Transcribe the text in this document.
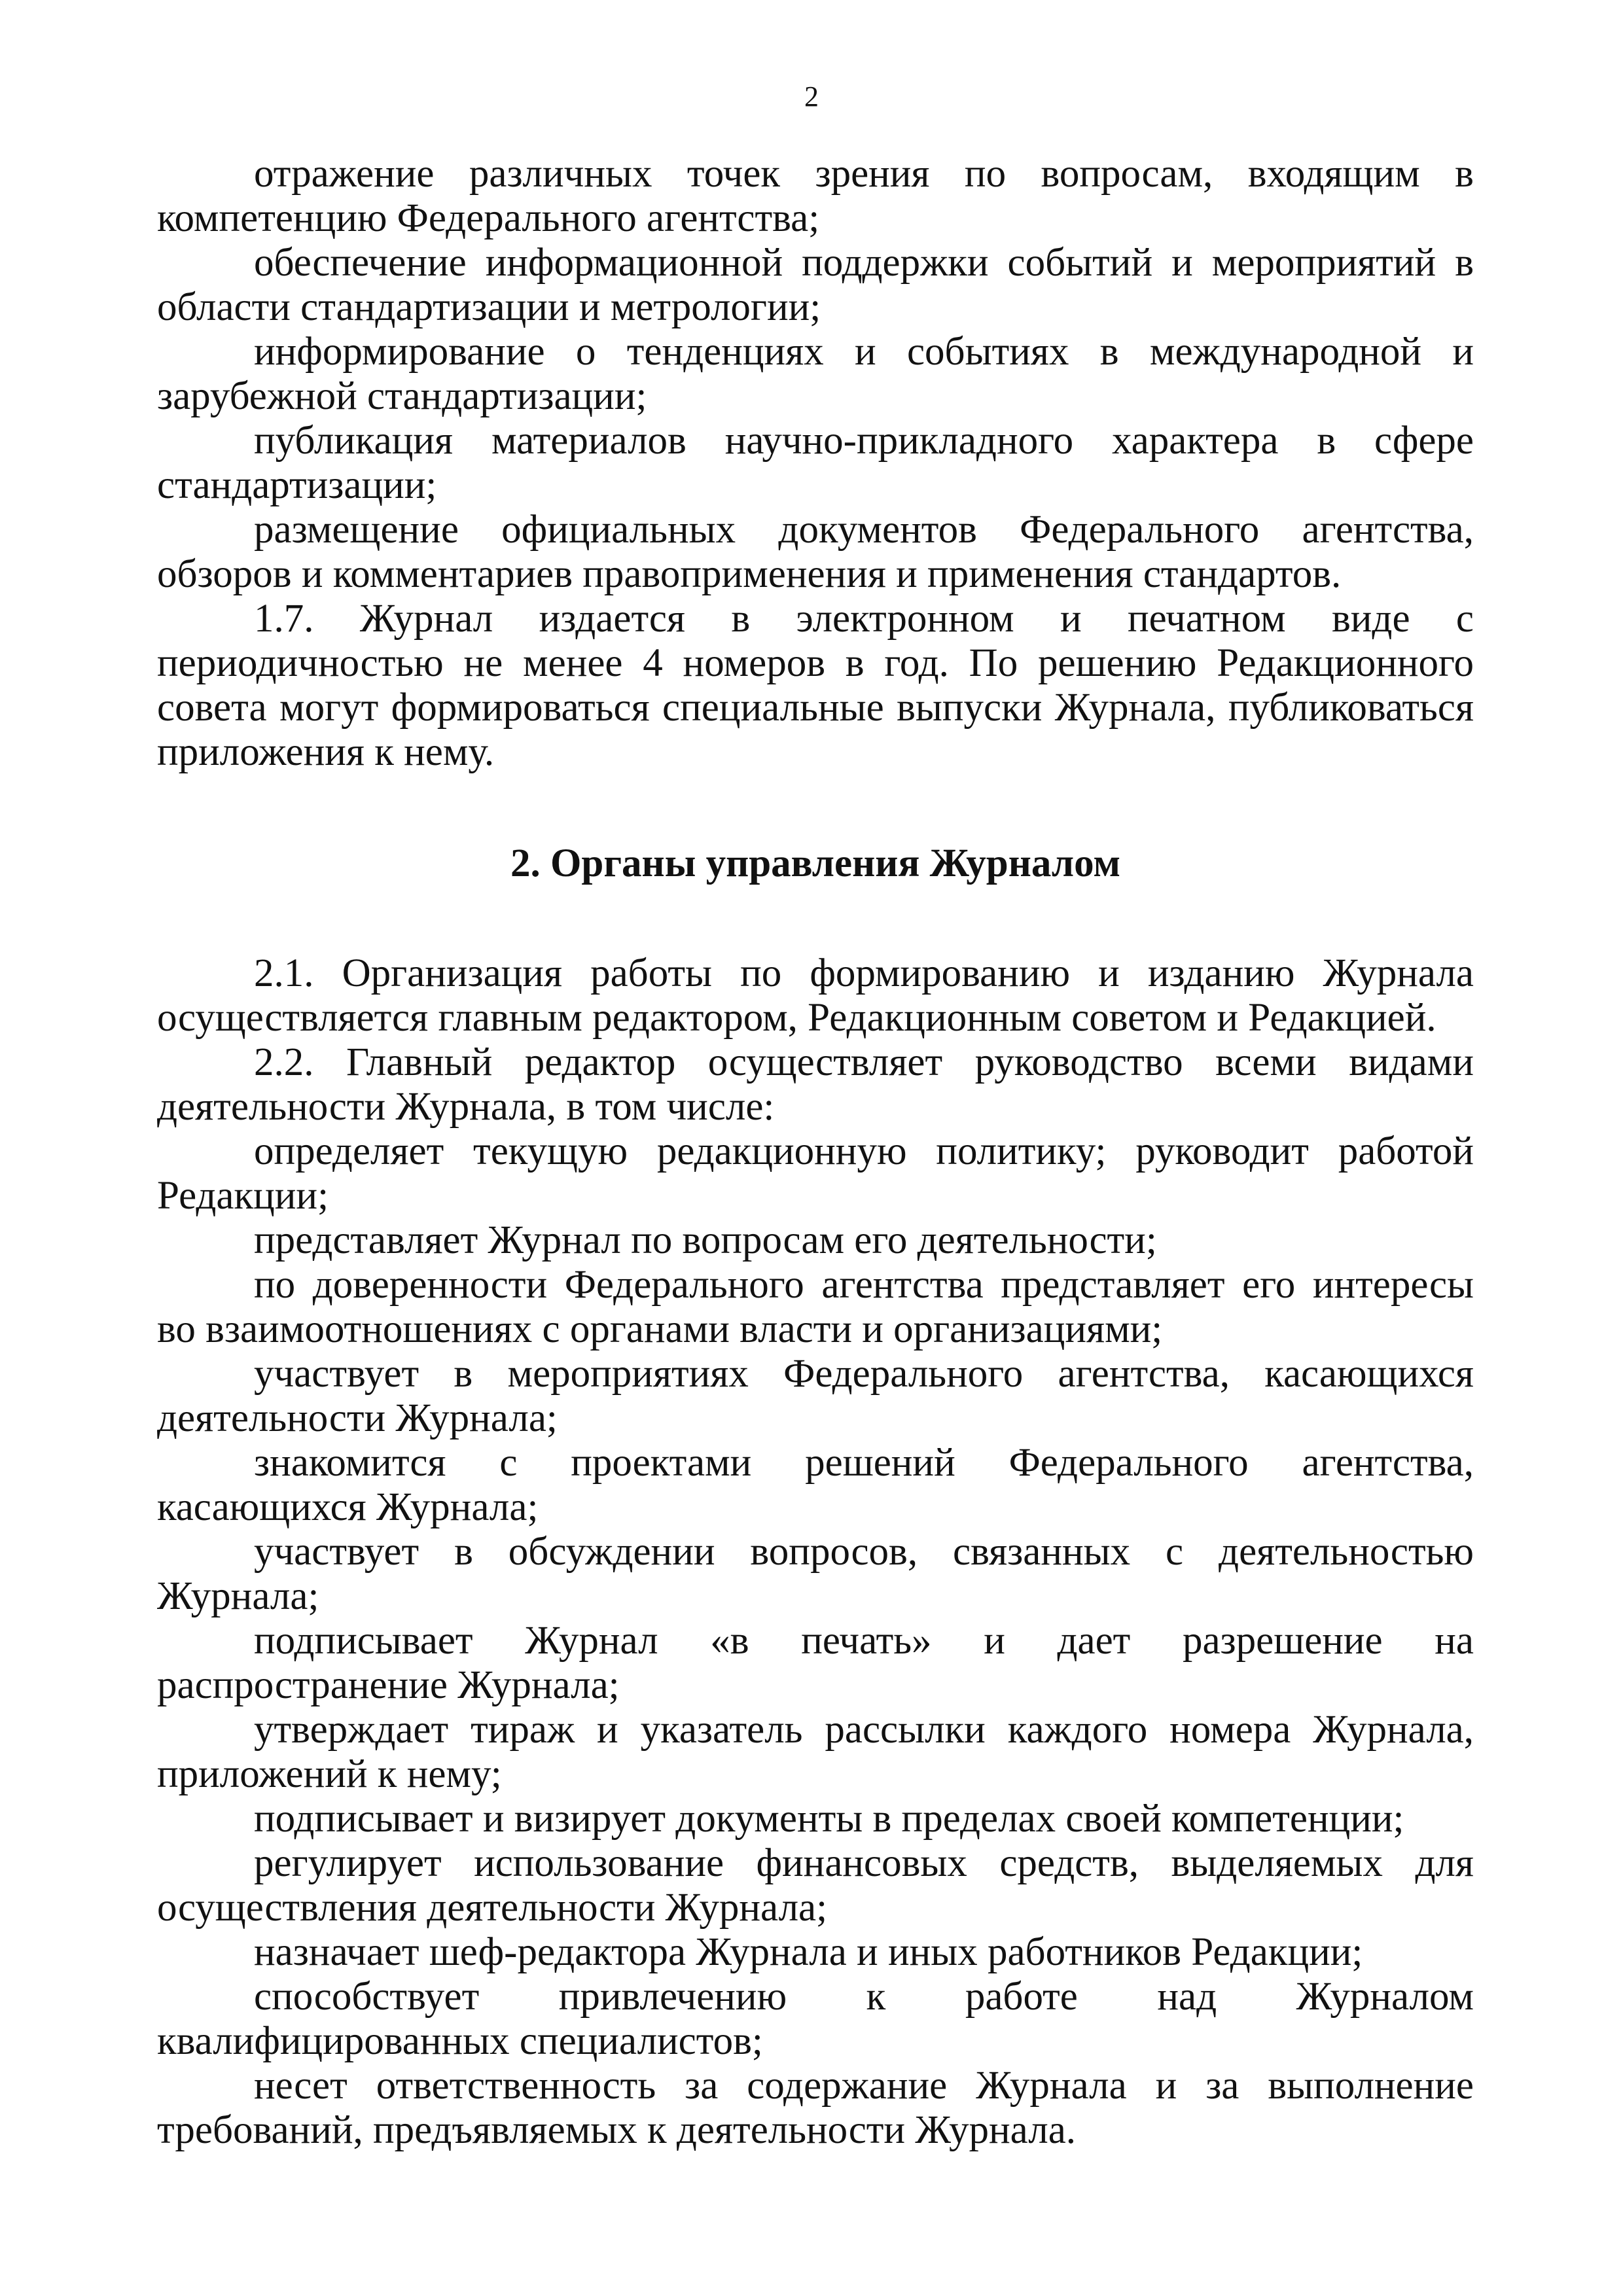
2

отражение различных точек зрения по вопросам, входящим в компетенцию Федерального агентства;

обеспечение информационной поддержки событий и мероприятий в области стандартизации и метрологии;

информирование о тенденциях и событиях в международной и зарубежной стандартизации;

публикация материалов научно-прикладного характера в сфере стандартизации;

размещение официальных документов Федерального агентства, обзоров и комментариев правоприменения и применения стандартов.

1.7. Журнал издается в электронном и печатном виде с периодичностью не менее 4 номеров в год. По решению Редакционного совета могут формироваться специальные выпуски Журнала, публиковаться приложения к нему.

2. Органы управления Журналом

2.1. Организация работы по формированию и изданию Журнала осуществляется главным редактором, Редакционным советом и Редакцией.

2.2. Главный редактор осуществляет руководство всеми видами деятельности Журнала, в том числе:

определяет текущую редакционную политику; руководит работой Редакции;

представляет Журнал по вопросам его деятельности;

по доверенности Федерального агентства представляет его интересы во взаимоотношениях с органами власти и организациями;

участвует в мероприятиях Федерального агентства, касающихся деятельности Журнала;

знакомится с проектами решений Федерального агентства, касающихся Журнала;

участвует в обсуждении вопросов, связанных с деятельностью Журнала;

подписывает Журнал «в печать» и дает разрешение на распространение Журнала;

утверждает тираж и указатель рассылки каждого номера Журнала, приложений к нему;

подписывает и визирует документы в пределах своей компетенции;

регулирует использование финансовых средств, выделяемых для осуществления деятельности Журнала;

назначает шеф-редактора Журнала и иных работников Редакции;

способствует привлечению к работе над Журналом квалифицированных специалистов;

несет ответственность за содержание Журнала и за выполнение требований, предъявляемых к деятельности Журнала.
